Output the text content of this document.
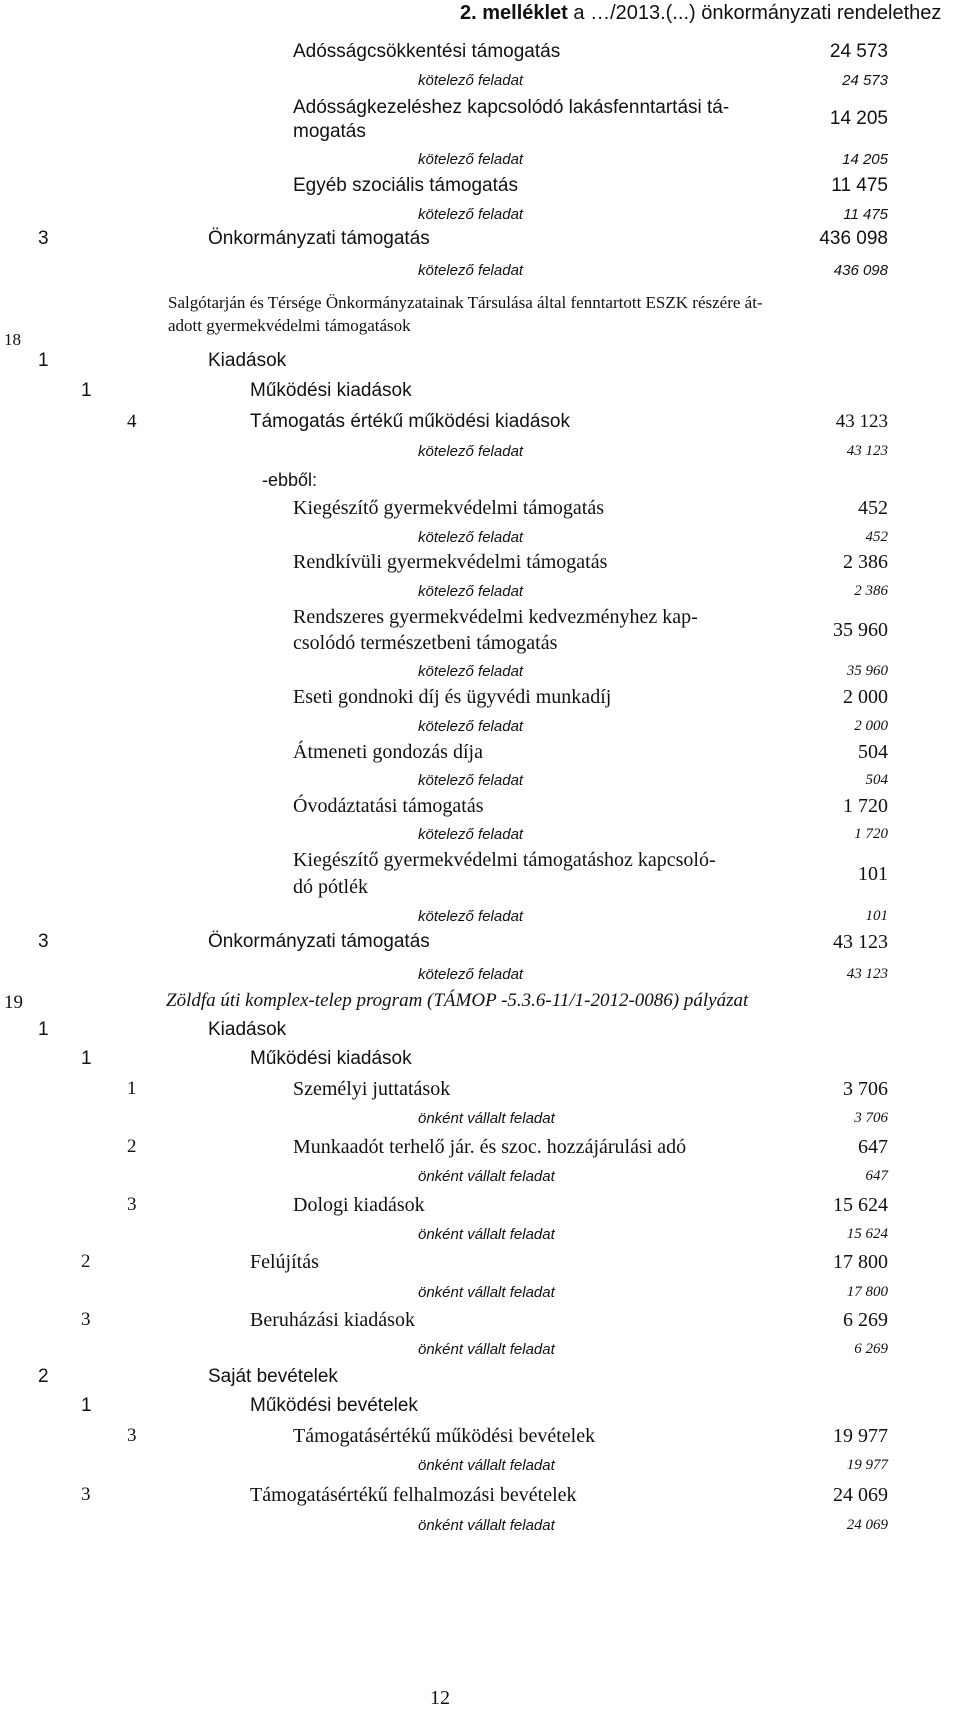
2. melléklet a …/2013.(...) önkormányzati rendelethez
Adósságcsökkentési támogatás	24 573
kötelező feladat	24 573
Adósságkezeléshez kapcsolódó lakásfenntartási tá-
mogatás
14 205
kötelező feladat	14 205
Egyéb szociális támogatás	11 475
kötelező feladat	11 475
3	Önkormányzati támogatás	436 098
kötelező feladat	436 098
18
Salgótarján és Térsége Önkormányzatainak Társulása által fenntartott ESZK részére át-
adott gyermekvédelmi támogatások
1	Kiadások
1	Működési kiadások
4	Támogatás értékű működési kiadások	43 123
kötelező feladat	43 123
-ebből:
Kiegészítő gyermekvédelmi támogatás	452
kötelező feladat	452
Rendkívüli gyermekvédelmi támogatás	2 386
kötelező feladat	2 386
Rendszeres gyermekvédelmi kedvezményhez kap-
csolódó természetbeni támogatás
35 960
kötelező feladat	35 960
Eseti gondnoki díj és ügyvédi munkadíj	2 000
kötelező feladat	2 000
Átmeneti gondozás díja	504
kötelező feladat	504
Óvodáztatási támogatás	1 720
kötelező feladat	1 720
Kiegészítő gyermekvédelmi támogatáshoz kapcsoló-
dó pótlék
101
kötelező feladat	101
3	Önkormányzati támogatás	43 123
kötelező feladat	43 123
19	Zöldfa úti komplex-telep program (TÁMOP -5.3.6-11/1-2012-0086) pályázat
1	Kiadások
1	Működési kiadások
1	Személyi juttatások	3 706
önként vállalt feladat	3 706
2	Munkaadót terhelő jár. és szoc. hozzájárulási adó	647
önként vállalt feladat	647
3	Dologi kiadások	15 624
önként vállalt feladat	15 624
2	Felújítás	17 800
önként vállalt feladat	17 800
3	Beruházási kiadások	6 269
önként vállalt feladat	6 269
2	Saját bevételek
1	Működési bevételek
3	Támogatásértékű működési bevételek	19 977
önként vállalt feladat	19 977
3	Támogatásértékű felhalmozási bevételek	24 069
önként vállalt feladat	24 069
12
